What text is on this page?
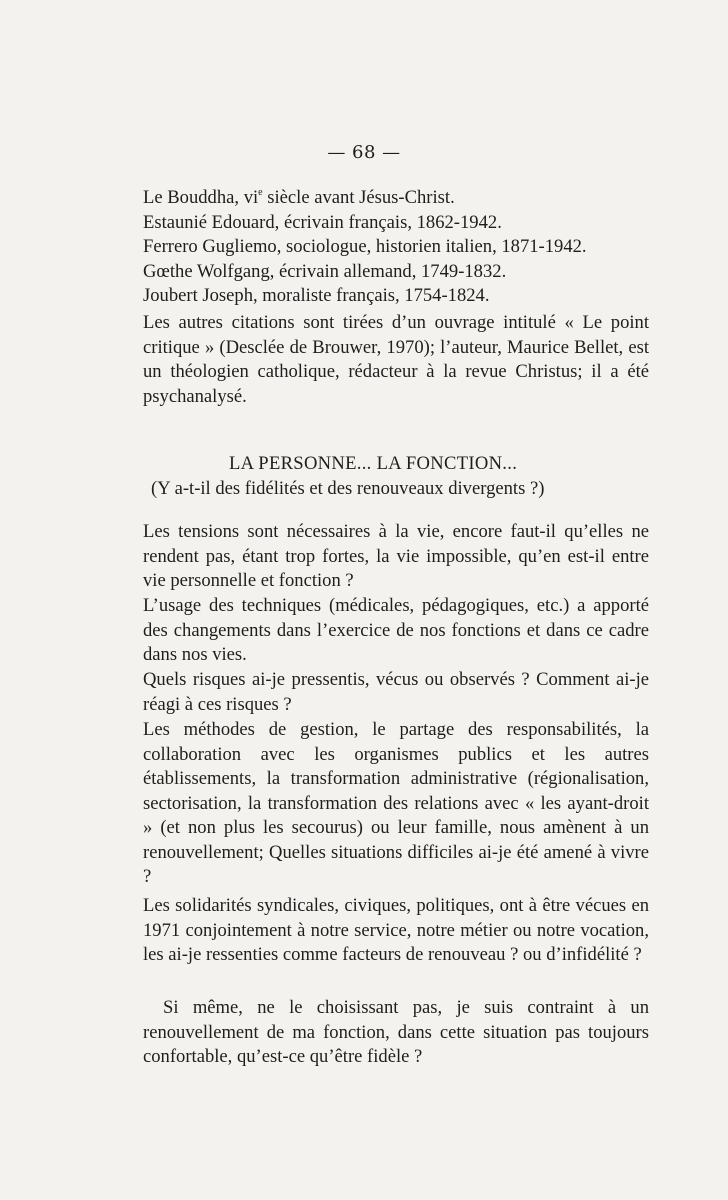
— 68 —

Le Bouddha, $vi^e$ siècle avant Jésus-Christ.

Estaunié Edouard, écrivain français, 1862-1942.

Ferrero Gugliemo, sociologue, historien italien, 1871-1942.

Gœthe Wolfgang, écrivain allemand, 1749-1832.

Joubert Joseph, moraliste français, 1754-1824.

Les autres citations sont tirées d’un ouvrage intitulé « Le point critique » (Desclée de Brouwer, 1970); l’auteur, Maurice Bellet, est un théologien catholique, rédacteur à la revue Christus; il a été psychanalysé.

LA PERSONNE... LA FONCTION...
(Y a-t-il des fidélités et des renouveaux divergents ?)

Les tensions sont nécessaires à la vie, encore faut-il qu’elles ne rendent pas, étant trop fortes, la vie impossible, qu’en est-il entre vie personnelle et fonction ?

L’usage des techniques (médicales, pédagogiques, etc.) a apporté des changements dans l’exercice de nos fonctions et dans ce cadre dans nos vies.

Quels risques ai-je pressentis, vécus ou observés ? Comment ai-je réagi à ces risques ?

Les méthodes de gestion, le partage des responsabilités, la collaboration avec les organismes publics et les autres établissements, la transformation administrative (régionalisation, sectorisation, la transformation des relations avec « les ayant-droit » (et non plus les secourus) ou leur famille, nous amènent à un renouvellement; Quelles situations difficiles ai-je été amené à vivre ?

Les solidarités syndicales, civiques, politiques, ont à être vécues en 1971 conjointement à notre service, notre métier ou notre vocation, les ai-je ressenties comme facteurs de renouveau ? ou d’infidélité ?

Si même, ne le choisissant pas, je suis contraint à un renouvellement de ma fonction, dans cette situation pas toujours confortable, qu’est-ce qu’être fidèle ?
